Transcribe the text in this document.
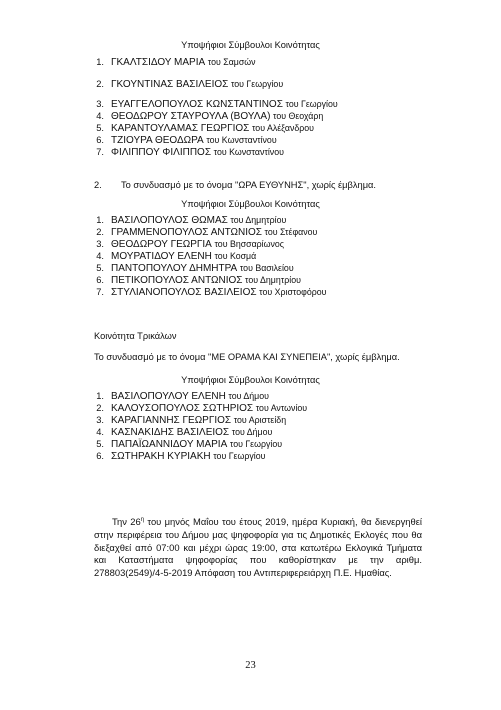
Υποψήφιοι Σύμβουλοι Κοινότητας
1. ΓΚΑΛΤΣΙΔΟΥ ΜΑΡΙΑ του Σαμσών
2. ΓΚΟΥΝΤΙΝΑΣ ΒΑΣΙΛΕΙΟΣ του Γεωργίου
3. ΕΥΑΓΓΕΛΟΠΟΥΛΟΣ ΚΩΝΣΤΑΝΤΙΝΟΣ του Γεωργίου
4. ΘΕΟΔΩΡΟΥ ΣΤΑΥΡΟΥΛΑ (ΒΟΥΛΑ) του Θεοχάρη
5. ΚΑΡΑΝΤΟΥΛΑΜΑΣ ΓΕΩΡΓΙΟΣ του Αλέξανδρου
6. ΤΖΙΟΥΡΑ ΘΕΟΔΩΡΑ του Κωνσταντίνου
7. ΦΙΛΙΠΠΟΥ ΦΙΛΙΠΠΟΣ του Κωνσταντίνου
2. Το συνδυασμό με το όνομα "ΩΡΑ ΕΥΘΥΝΗΣ", χωρίς έμβλημα.
Υποψήφιοι Σύμβουλοι Κοινότητας
1. ΒΑΣΙΛΟΠΟΥΛΟΣ ΘΩΜΑΣ του Δημητρίου
2. ΓΡΑΜΜΕΝΟΠΟΥΛΟΣ ΑΝΤΩΝΙΟΣ του Στέφανου
3. ΘΕΟΔΩΡΟΥ ΓΕΩΡΓΙΑ του Βησσαρίωνος
4. ΜΟΥΡΑΤΙΔΟΥ ΕΛΕΝΗ του Κοσμά
5. ΠΑΝΤΟΠΟΥΛΟΥ ΔΗΜΗΤΡΑ του Βασιλείου
6. ΠΕΤΙΚΟΠΟΥΛΟΣ ΑΝΤΩΝΙΟΣ του Δημητρίου
7. ΣΤΥΛΙΑΝΟΠΟΥΛΟΣ ΒΑΣΙΛΕΙΟΣ του Χριστοφόρου
Κοινότητα Τρικάλων
Το συνδυασμό με το όνομα "ΜΕ ΟΡΑΜΑ ΚΑΙ ΣΥΝΕΠΕΙΑ", χωρίς έμβλημα.
Υποψήφιοι Σύμβουλοι Κοινότητας
1. ΒΑΣΙΛΟΠΟΥΛΟΥ ΕΛΕΝΗ του Δήμου
2. ΚΑΛΟΥΣΟΠΟΥΛΟΣ ΣΩΤΗΡΙΟΣ του Αντωνίου
3. ΚΑΡΑΓΙΑΝΝΗΣ ΓΕΩΡΓΙΟΣ του Αριστείδη
4. ΚΑΣΝΑΚΙΔΗΣ ΒΑΣΙΛΕΙΟΣ του Δήμου
5. ΠΑΠΑΪΩΑΝΝΙΔΟΥ ΜΑΡΙΑ του Γεωργίου
6. ΣΩΤΗΡΑΚΗ ΚΥΡΙΑΚΗ του Γεωργίου
Την $26^\eta$ του μηνός Μαΐου του έτους 2019, ημέρα Κυριακή, θα διενεργηθεί στην περιφέρεια του Δήμου μας ψηφοφορία για τις Δημοτικές Εκλογές που θα διεξαχθεί από 07:00 και μέχρι ώρας 19:00, στα κατωτέρω Εκλογικά Τμήματα και Καταστήματα ψηφοφορίας που καθορίστηκαν με την αριθμ. 278803(2549)/4-5-2019 Απόφαση του Αντιπεριφερειάρχη Π.Ε. Ημαθίας.
23
